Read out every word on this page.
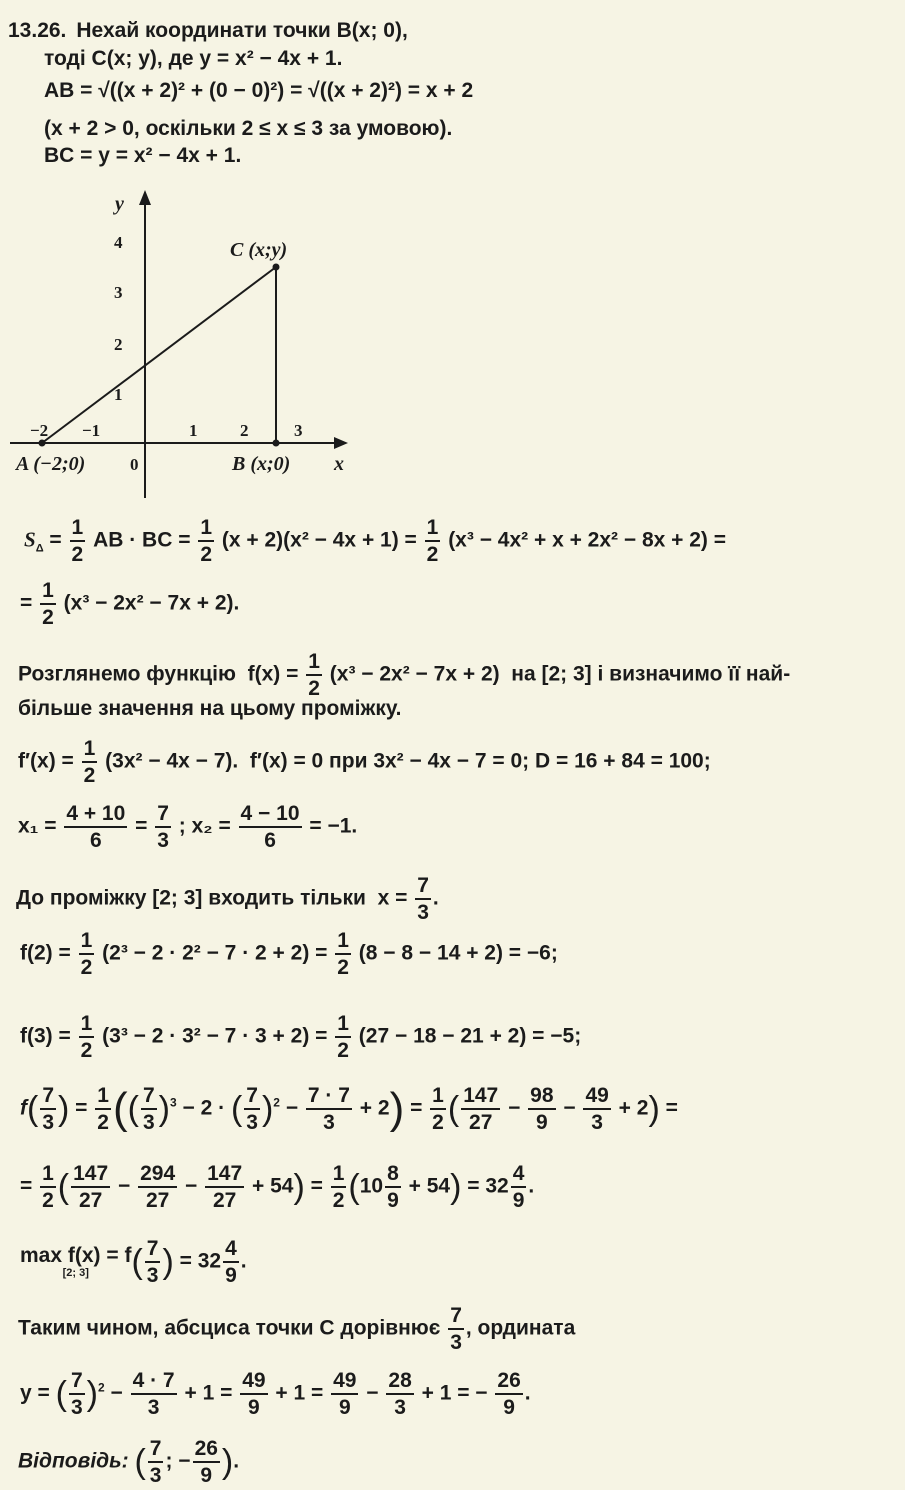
13.26. Нехай координати точки B(x; 0),
тоді C(x; y), де y = x² − 4x + 1.
AB = √((x + 2)² + (0 − 0)²) = √((x + 2)²) = x + 2
(x + 2 > 0, оскільки 2 ≤ x ≤ 3 за умовою).
BC = y = x² − 4x + 1.
y
x
4
3
2
1
−2 −1	1	2	3
0
A (−2;0)	B (x;0)
C (x;y)
$S_\Delta = \frac{1}{2}$ AB · BC = $\frac{1}{2} (x + 2)(x^2 - 4x + 1) = \frac{1}{2} (x^3 - 4x^2 + x + 2x^2 - 8x + 2)$ =
= $\frac{1}{2} (x^3 - 2x^2 - 7x + 2)$.
Розглянемо функцію $f(x) = \frac{1}{2} (x^3 - 2x^2 - 7x + 2)$ на [2; 3] і визначимо її най-
більше значення на цьому проміжку.
$f'(x) = \frac{1}{2} (3x^2 - 4x - 7)$. f′(x) = 0 при 3x² − 4x − 7 = 0; D = 16 + 84 = 100;
$x_1 = \frac{4 + 10}{6} = \frac{7}{3}$ ; $x_2 = \frac{4 - 10}{6} = -1$.
До проміжку [2; 3] входить тільки $x = \frac{7}{3}$ .
$f(2) = \frac{1}{2} (2^3 - 2 \cdot 2^2 - 7 \cdot 2 + 2) = \frac{1}{2} (8 - 8 - 14 + 2) = -6$;
$f(3) = \frac{1}{2} (3^3 - 2 \cdot 3^2 - 7 \cdot 3 + 2) = \frac{1}{2} (27 - 18 - 21 + 2) = -5$;
$f( \frac{7}{3}$ ) = $\frac{1}{2}$ (( $\frac{7}{3} )^3 - 2$ · ( $\frac{7}{3} )^2 - \frac{7 \cdot 7}{3} + 2) = \frac{1}{2}$ ( $\frac{147}{27} - \frac{98}{9} - \frac{49}{3} + 2$) =
= $\frac{1}{2}$ ( $\frac{147}{27} - \frac{294}{27} - \frac{147}{27} + 54) = \frac{1}{2} (10 \frac{8}{9} + 54) = 32 \frac{4}{9}$ .
max f(x) = f
[2; 3] ( $\frac{7}{3}$ ) = $32 \frac{4}{9}$ .
Таким чином, абсциса точки C дорівнює $\frac{7}{3}$ , ордината
y = ( $\frac{7}{3} )^2 - \frac{4 \cdot 7}{3} + 1 = \frac{49}{9} + 1 = \frac{49}{9} - \frac{28}{3} + 1$ = − $\frac{26}{9}$ .
Відповідь: ( $\frac{7}{3}$ ; − $\frac{26}{9}$ ).
